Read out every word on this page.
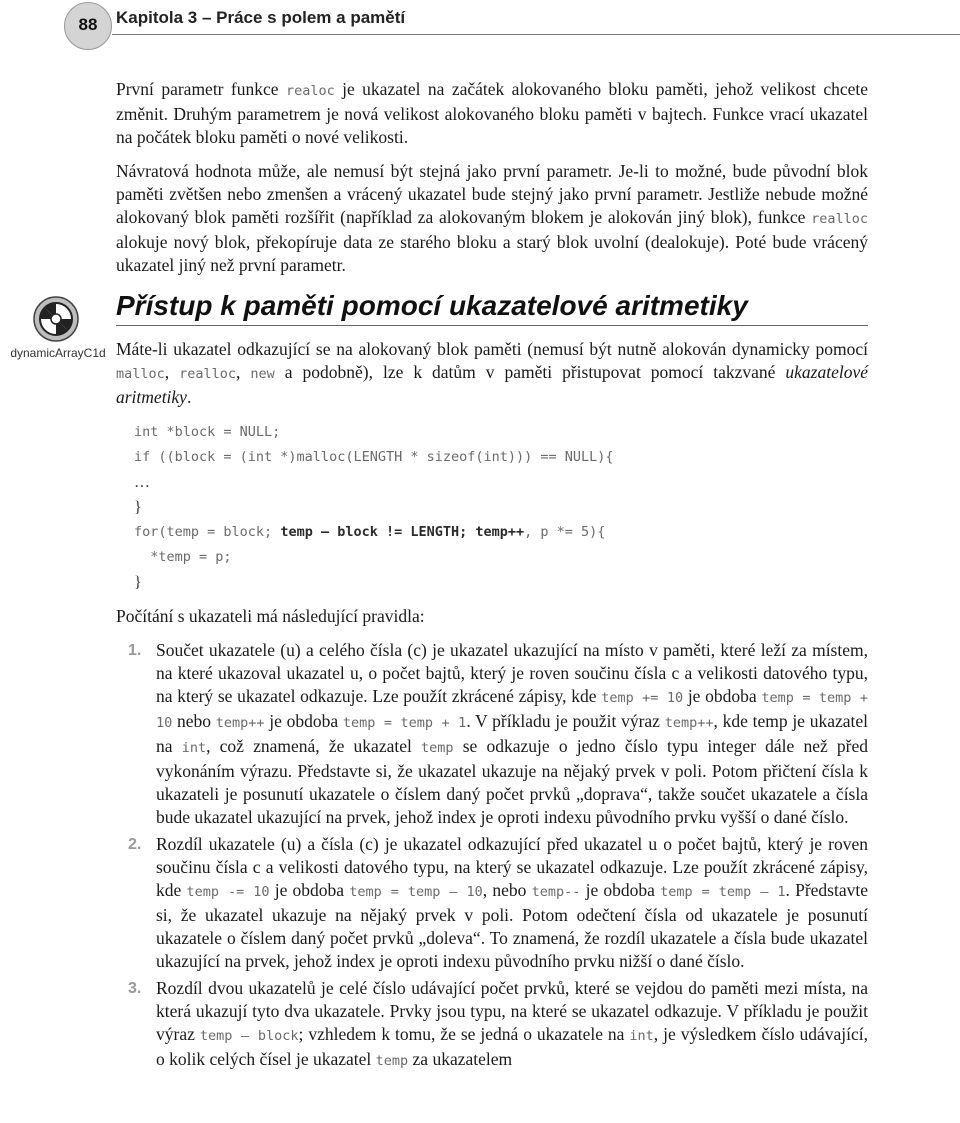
88	Kapitola 3 – Práce s polem a pamětí
dynamicArrayC1d

První parametr funkce realoc je ukazatel na začátek alokovaného bloku paměti, jehož velikost chcete změnit. Druhým parametrem je nová velikost alokovaného bloku paměti v bajtech. Funkce vrací ukazatel na počátek bloku paměti o nové velikosti.

Návratová hodnota může, ale nemusí být stejná jako první parametr. Je-li to možné, bude původní blok paměti zvětšen nebo zmenšen a vrácený ukazatel bude stejný jako první parametr. Jestliže nebude možné alokovaný blok paměti rozšířit (například za alokovaným blokem je alokován jiný blok), funkce realloc alokuje nový blok, překopíruje data ze starého bloku a starý blok uvolní (dealokuje). Poté bude vrácený ukazatel jiný než první parametr.

Přístup k paměti pomocí ukazatelové aritmetiky

Máte-li ukazatel odkazující se na alokovaný blok paměti (nemusí být nutně alokován dynamicky pomocí malloc, realloc, new a podobně), lze k datům v paměti přistupovat pomocí takzvané ukazatelové aritmetiky.

int *block = NULL;
if ((block = (int *)malloc(LENGTH * sizeof(int))) == NULL){
…
}
for(temp = block; temp – block != LENGTH; temp++, p *= 5){
*temp = p;
}

Počítání s ukazateli má následující pravidla:

1. Součet ukazatele (u) a celého čísla (c) je ukazatel ukazující na místo v paměti, které leží za místem, na které ukazoval ukazatel u, o počet bajtů, který je roven součinu čísla c a velikosti datového typu, na který se ukazatel odkazuje. Lze použít zkrácené zápisy, kde temp += 10 je obdoba temp = temp + 10 nebo temp++ je obdoba temp = temp + 1. V příkladu je použit výraz temp++, kde temp je ukazatel na int, což znamená, že ukazatel temp se odkazuje o jedno číslo typu integer dále než před vykonáním výrazu. Představte si, že ukazatel ukazuje na nějaký prvek v poli. Potom přičtení čísla k ukazateli je posunutí ukazatele o číslem daný počet prvků „doprava“, takže součet ukazatele a čísla bude ukazatel ukazující na prvek, jehož index je oproti indexu původního prvku vyšší o dané číslo.
2. Rozdíl ukazatele (u) a čísla (c) je ukazatel odkazující před ukazatel u o počet bajtů, který je roven součinu čísla c a velikosti datového typu, na který se ukazatel odkazuje. Lze použít zkrácené zápisy, kde temp -= 10 je obdoba temp = temp – 10, nebo temp-- je obdoba temp = temp – 1. Představte si, že ukazatel ukazuje na nějaký prvek v poli. Potom odečtení čísla od ukazatele je posunutí ukazatele o číslem daný počet prvků „doleva“. To znamená, že rozdíl ukazatele a čísla bude ukazatel ukazující na prvek, jehož index je oproti indexu původního prvku nižší o dané číslo.
3. Rozdíl dvou ukazatelů je celé číslo udávající počet prvků, které se vejdou do paměti mezi místa, na která ukazují tyto dva ukazatele. Prvky jsou typu, na které se ukazatel odkazuje. V příkladu je použit výraz temp – block; vzhledem k tomu, že se jedná o ukazatele na int, je výsledkem číslo udávající, o kolik celých čísel je ukazatel temp za ukazatelem
